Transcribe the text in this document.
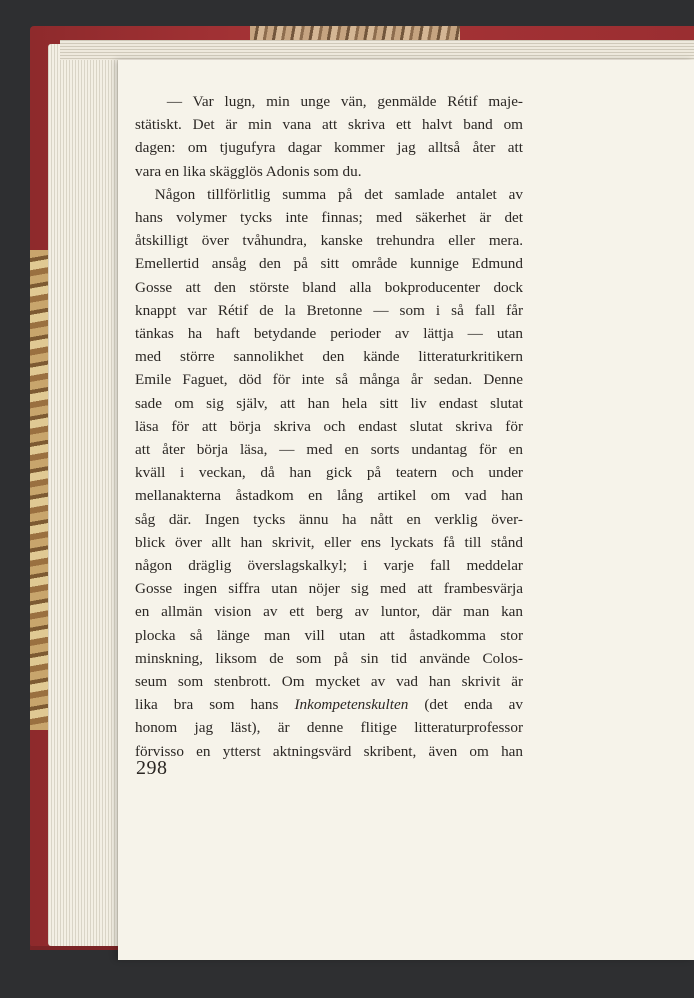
— Var lugn, min unge vän, genmälde Rétif maje-
stätiskt. Det är min vana att skriva ett halvt band om
dagen: om tjugufyra dagar kommer jag alltså åter att
vara en lika skägglös Adonis som du.
Någon tillförlitlig summa på det samlade antalet av
hans volymer tycks inte finnas; med säkerhet är det
åtskilligt över tvåhundra, kanske trehundra eller mera.
Emellertid ansåg den på sitt område kunnige Edmund
Gosse att den störste bland alla bokproducenter dock
knappt var Rétif de la Bretonne — som i så fall får
tänkas ha haft betydande perioder av lättja — utan
med större sannolikhet den kände litteraturkritikern
Emile Faguet, död för inte så många år sedan. Denne
sade om sig själv, att han hela sitt liv endast slutat
läsa för att börja skriva och endast slutat skriva för
att åter börja läsa, — med en sorts undantag för en
kväll i veckan, då han gick på teatern och under
mellanakterna åstadkom en lång artikel om vad han
såg där. Ingen tycks ännu ha nått en verklig över-
blick över allt han skrivit, eller ens lyckats få till stånd
någon dräglig överslagskalkyl; i varje fall meddelar
Gosse ingen siffra utan nöjer sig med att frambesvärja
en allmän vision av ett berg av luntor, där man kan
plocka så länge man vill utan att åstadkomma stor
minskning, liksom de som på sin tid använde Colos-
seum som stenbrott. Om mycket av vad han skrivit är
lika bra som hans Inkompetenskulten (det enda av
honom jag läst), är denne flitige litteraturprofessor
förvisso en ytterst aktningsvärd skribent, även om han
298
